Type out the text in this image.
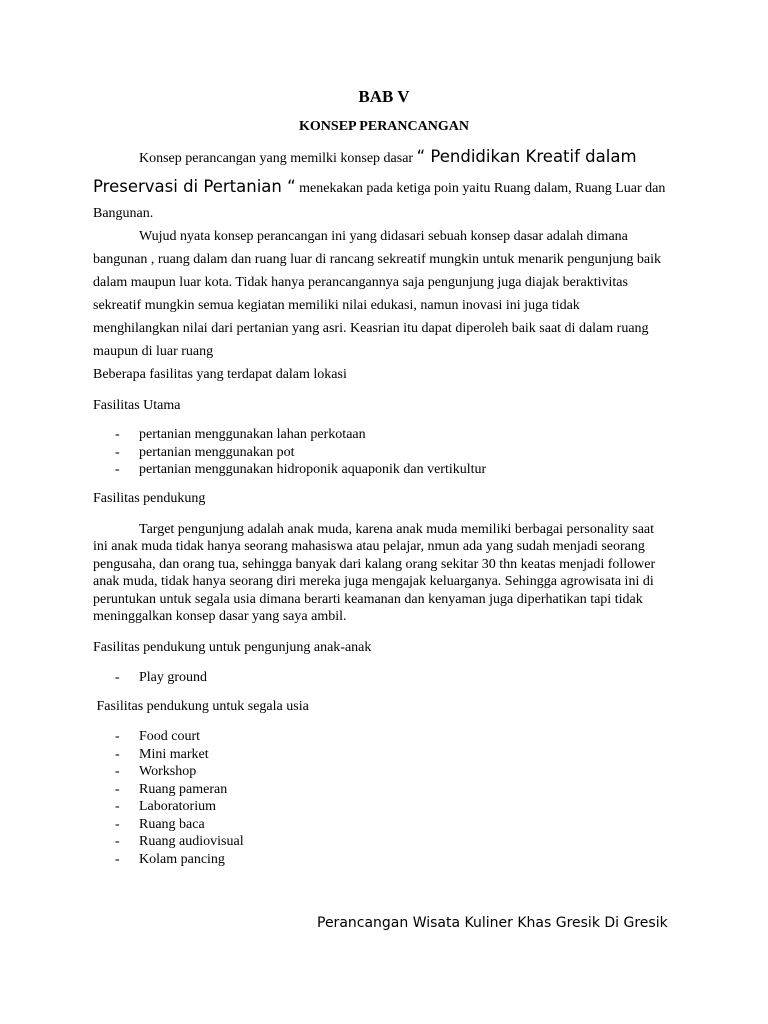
BAB V
KONSEP PERANCANGAN
Konsep perancangan yang memilki konsep dasar “ Pendidikan Kreatif dalam
Preservasi di Pertanian “ menekakan pada ketiga poin yaitu Ruang dalam, Ruang Luar dan
Bangunan.
Wujud nyata konsep perancangan ini yang didasari sebuah konsep dasar adalah dimana
bangunan , ruang dalam dan ruang luar di rancang sekreatif mungkin untuk menarik pengunjung baik
dalam maupun luar kota. Tidak hanya perancangannya saja pengunjung juga diajak beraktivitas
sekreatif mungkin semua kegiatan memiliki nilai edukasi, namun inovasi ini juga tidak
menghilangkan nilai dari pertanian yang asri. Keasrian itu dapat diperoleh baik saat di dalam ruang
maupun di luar ruang
Beberapa fasilitas yang terdapat dalam lokasi
Fasilitas Utama
- pertanian menggunakan lahan perkotaan
- pertanian menggunakan pot
- pertanian menggunakan hidroponik aquaponik dan vertikultur
Fasilitas pendukung
Target pengunjung adalah anak muda, karena anak muda memiliki berbagai personality saat
ini anak muda tidak hanya seorang mahasiswa atau pelajar, nmun ada yang sudah menjadi seorang
pengusaha, dan orang tua, sehingga banyak dari kalang orang sekitar 30 thn keatas menjadi follower
anak muda, tidak hanya seorang diri mereka juga mengajak keluarganya. Sehingga agrowisata ini di
peruntukan untuk segala usia dimana berarti keamanan dan kenyaman juga diperhatikan tapi tidak
meninggalkan konsep dasar yang saya ambil.
Fasilitas pendukung untuk pengunjung anak-anak
- Play ground
Fasilitas pendukung untuk segala usia
- Food court
- Mini market
- Workshop
- Ruang pameran
- Laboratorium
- Ruang baca
- Ruang audiovisual
- Kolam pancing
Perancangan Wisata Kuliner Khas Gresik Di Gresik
